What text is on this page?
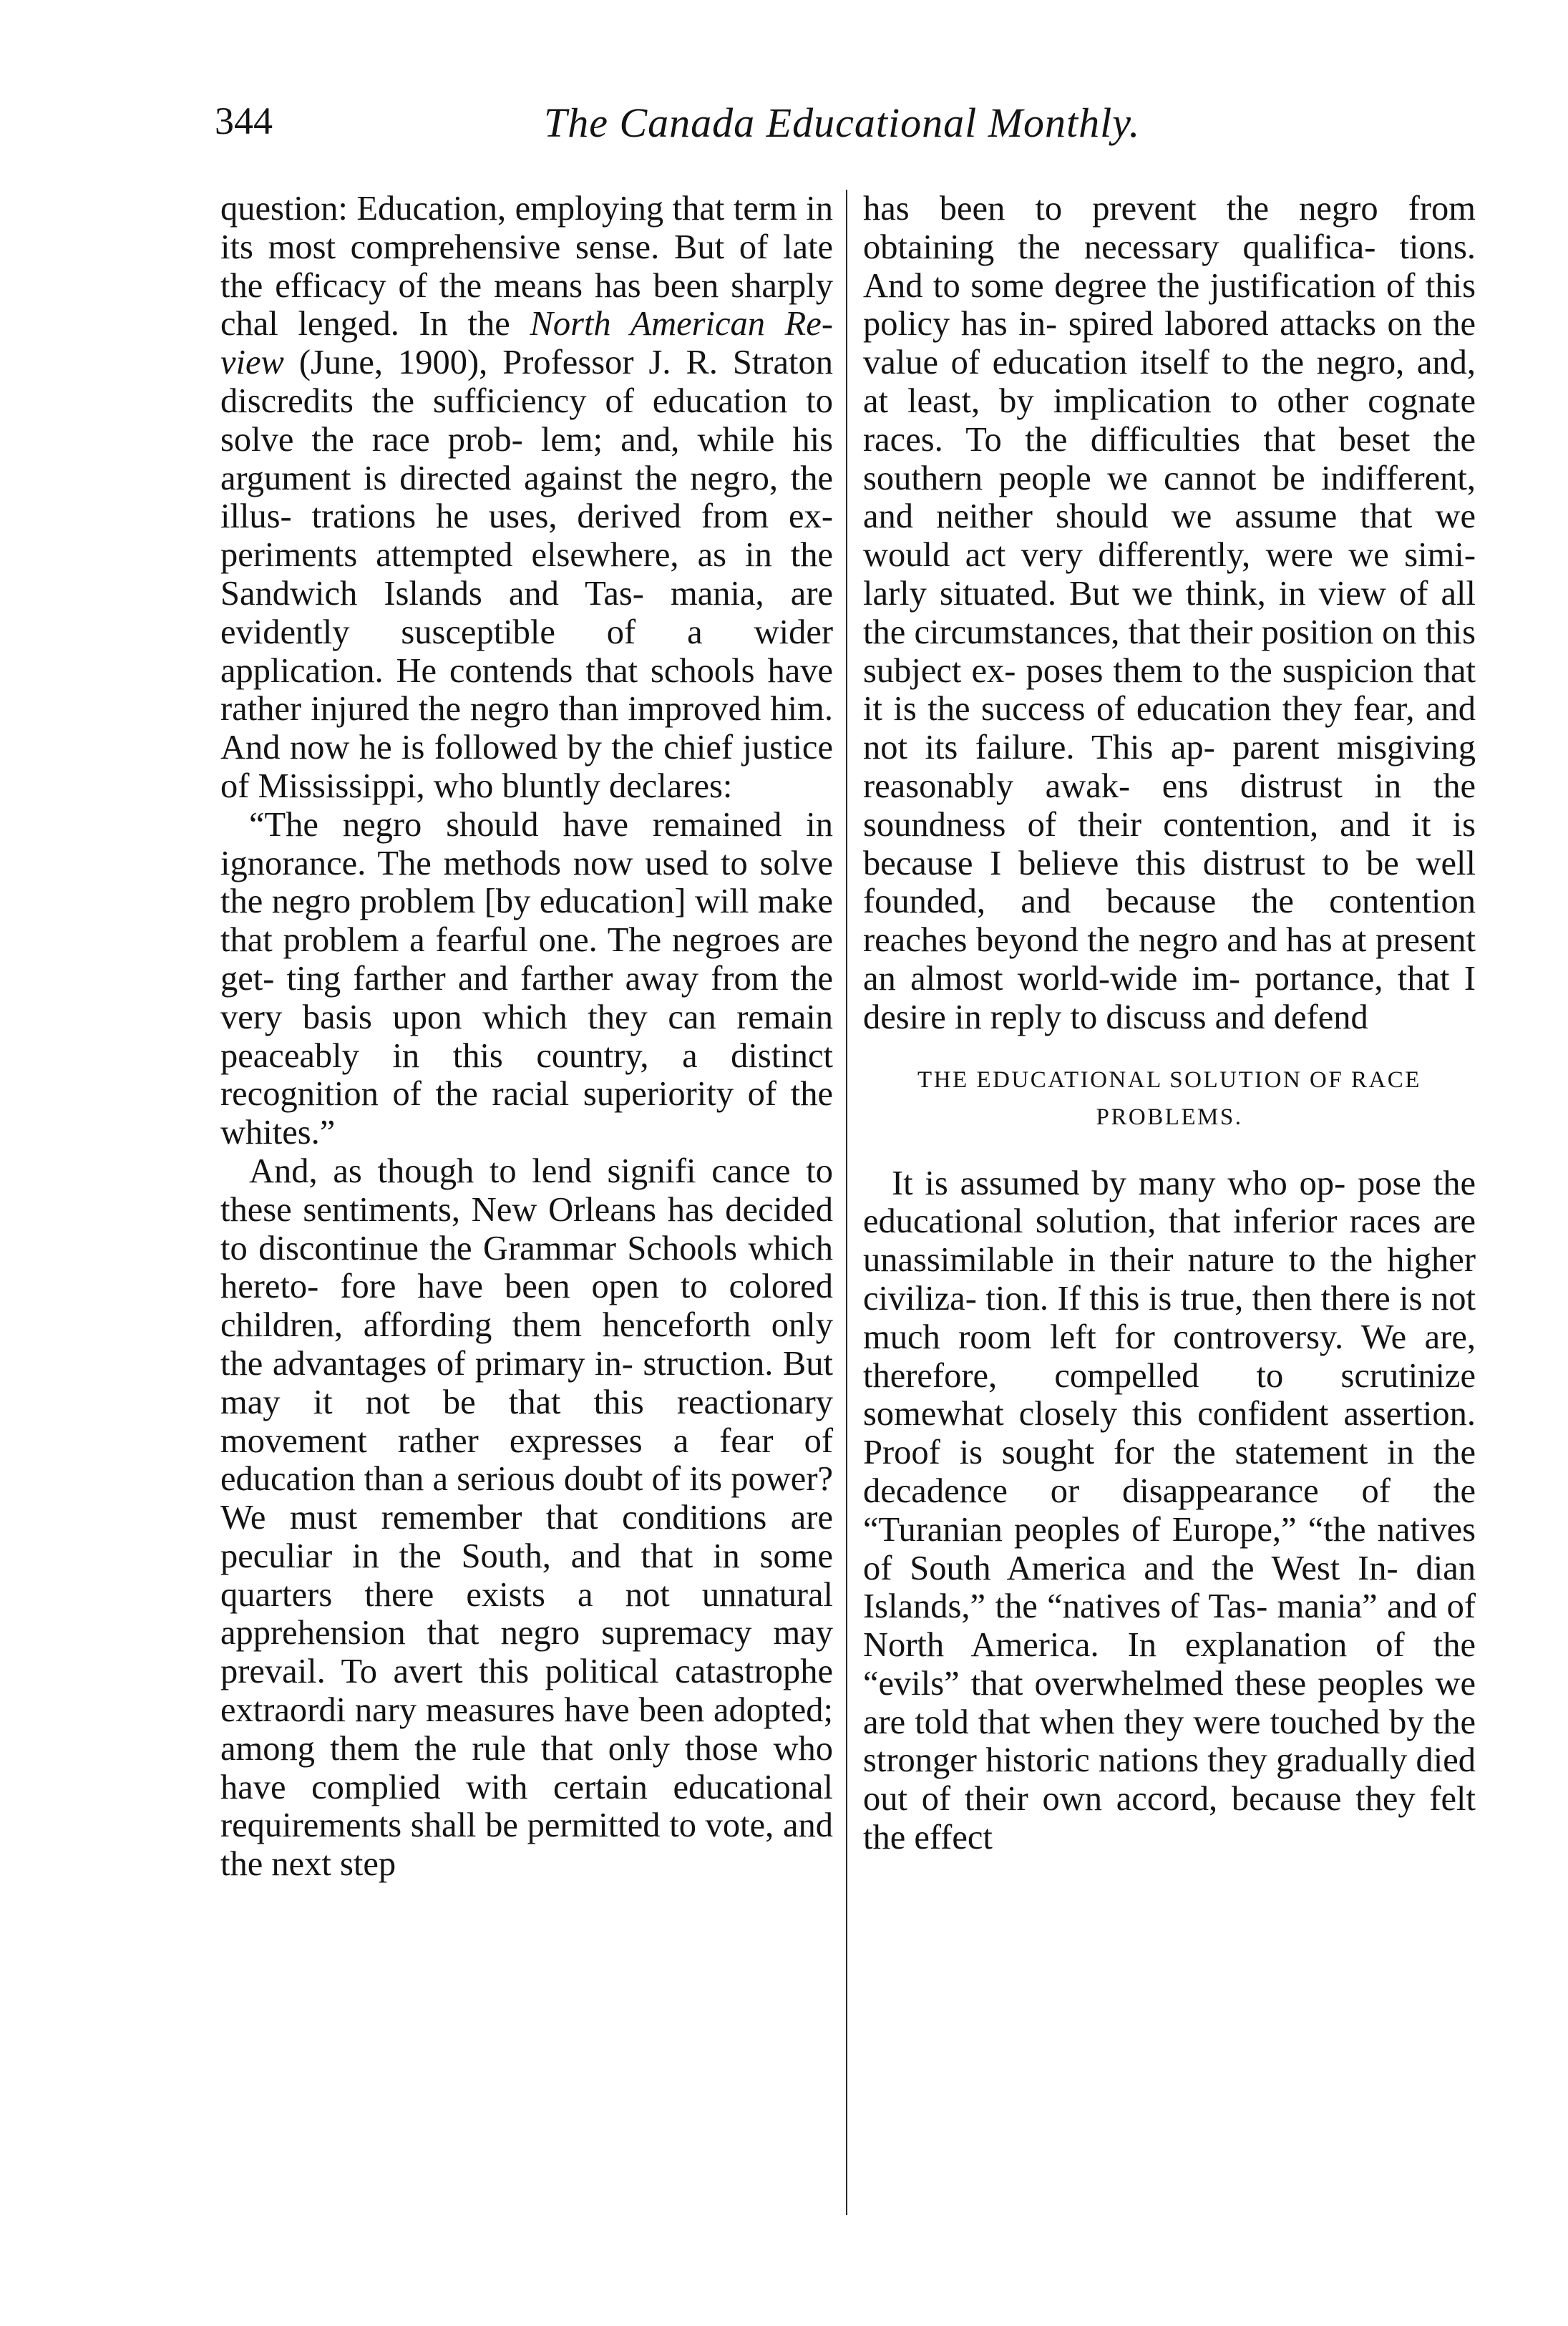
344	The Canada Educational Monthly.

question: Education, employing that term in its most comprehensive sense. But of late the efficacy of the means has been sharply chal lenged. In the North American Re- view (June, 1900), Professor J. R. Straton discredits the sufficiency of education to solve the race prob- lem; and, while his argument is directed against the negro, the illus- trations he uses, derived from ex- periments attempted elsewhere, as in the Sandwich Islands and Tas- mania, are evidently susceptible of a wider application. He contends that schools have rather injured the negro than improved him. And now he is followed by the chief justice of Mississippi, who bluntly declares:

“The negro should have remained in ignorance. The methods now used to solve the negro problem [by education] will make that problem a fearful one. The negroes are get- ting farther and farther away from the very basis upon which they can remain peaceably in this country, a distinct recognition of the racial superiority of the whites.”

And, as though to lend signifi cance to these sentiments, New Orleans has decided to discontinue the Grammar Schools which hereto- fore have been open to colored children, affording them henceforth only the advantages of primary in- struction. But may it not be that this reactionary movement rather expresses a fear of education than a serious doubt of its power? We must remember that conditions are peculiar in the South, and that in some quarters there exists a not unnatural apprehension that negro supremacy may prevail. To avert this political catastrophe extraordi nary measures have been adopted; among them the rule that only those who have complied with certain educational requirements shall be permitted to vote, and the next step

has been to prevent the negro from obtaining the necessary qualifica- tions. And to some degree the justification of this policy has in- spired labored attacks on the value of education itself to the negro, and, at least, by implication to other cognate races. To the difficulties that beset the southern people we cannot be indifferent, and neither should we assume that we would act very differently, were we simi- larly situated. But we think, in view of all the circumstances, that their position on this subject ex- poses them to the suspicion that it is the success of education they fear, and not its failure. This ap- parent misgiving reasonably awak- ens distrust in the soundness of their contention, and it is because I believe this distrust to be well founded, and because the contention reaches beyond the negro and has at present an almost world-wide im- portance, that I desire in reply to discuss and defend

THE EDUCATIONAL SOLUTION OF RACE PROBLEMS.

It is assumed by many who op- pose the educational solution, that inferior races are unassimilable in their nature to the higher civiliza- tion. If this is true, then there is not much room left for controversy. We are, therefore, compelled to scrutinize somewhat closely this confident assertion. Proof is sought for the statement in the decadence or disappearance of the “Turanian peoples of Europe,” “the natives of South America and the West In- dian Islands,” the “natives of Tas- mania” and of North America. In explanation of the “evils” that overwhelmed these peoples we are told that when they were touched by the stronger historic nations they gradually died out of their own accord, because they felt the effect
